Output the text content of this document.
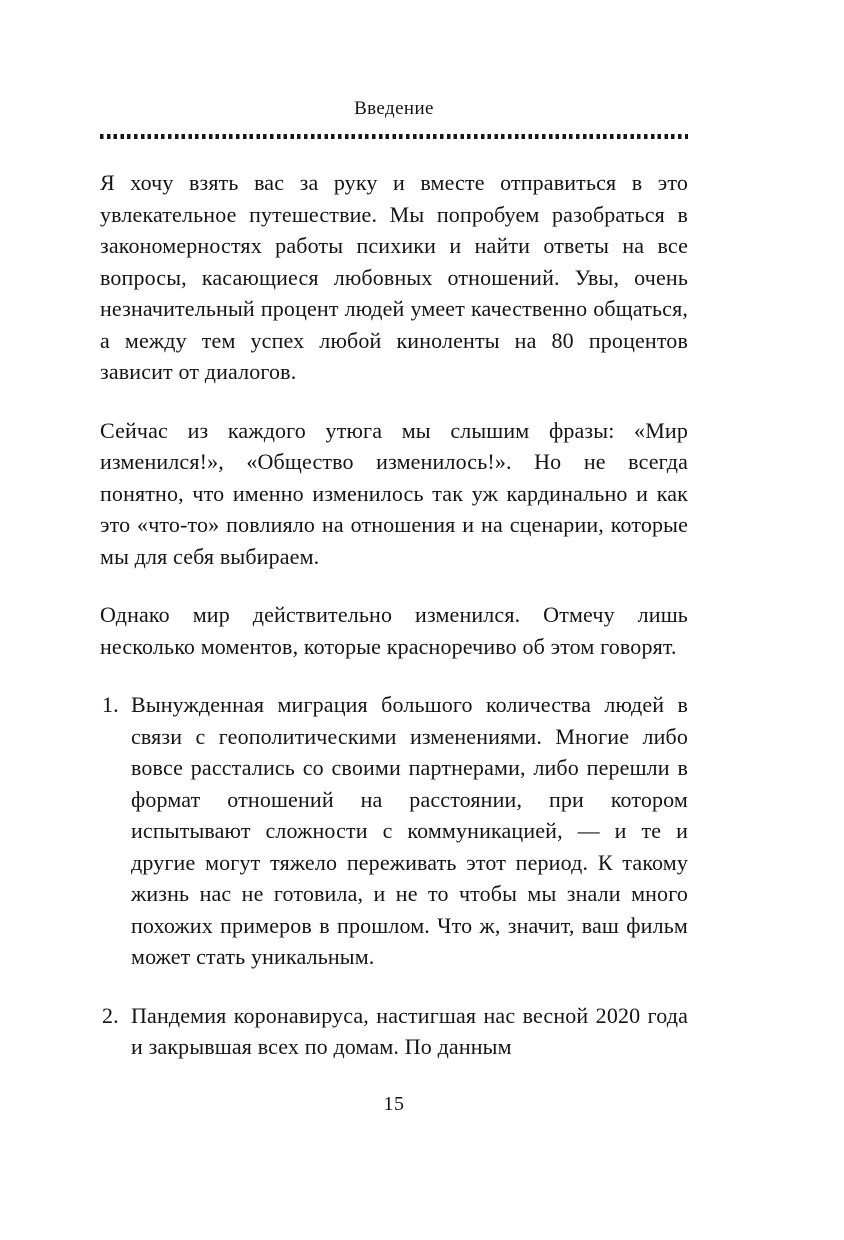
Введение

Я хочу взять вас за руку и вместе отправиться в это увлекательное путешествие. Мы попробуем разобраться в закономерностях работы психики и найти ответы на все вопросы, касающиеся любовных отношений. Увы, очень незначительный процент людей умеет качественно общаться, а между тем успех любой киноленты на 80 процентов зависит от диалогов.

Сейчас из каждого утюга мы слышим фразы: «Мир изменился!», «Общество изменилось!». Но не всегда понятно, что именно изменилось так уж кардинально и как это «что-то» повлияло на отношения и на сценарии, которые мы для себя выбираем.

Однако мир действительно изменился. Отмечу лишь несколько моментов, которые красноречиво об этом говорят.

1. Вынужденная миграция большого количества людей в связи с геополитическими изменениями. Многие либо вовсе расстались со своими партнерами, либо перешли в формат отношений на расстоянии, при котором испытывают сложности с коммуникацией, — и те и другие могут тяжело переживать этот период. К такому жизнь нас не готовила, и не то чтобы мы знали много похожих примеров в прошлом. Что ж, значит, ваш фильм может стать уникальным.
2. Пандемия коронавируса, настигшая нас весной 2020 года и закрывшая всех по домам. По данным
15
